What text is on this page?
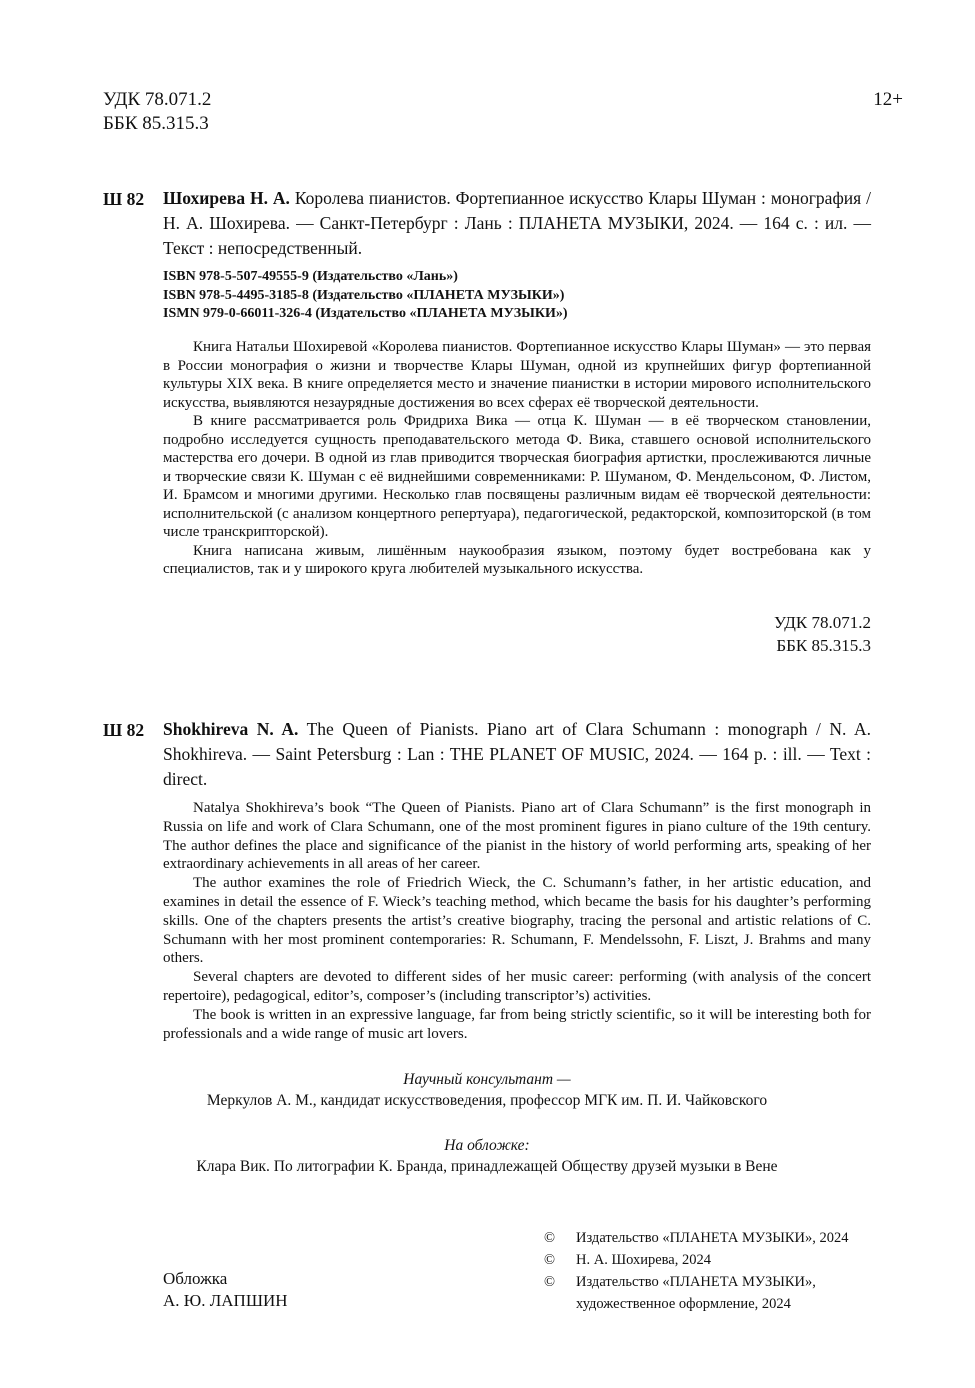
УДК 78.071.2
ББК 85.315.3
12+
Ш 82 Шохирева Н. А. Королева пианистов. Фортепианное искусство Клары Шуман : монография / Н. А. Шохирева. — Санкт-Петербург : Лань : ПЛАНЕТА МУЗЫКИ, 2024. — 164 с. : ил. — Текст : непосредственный.
ISBN 978-5-507-49555-9 (Издательство «Лань»)
ISBN 978-5-4495-3185-8 (Издательство «ПЛАНЕТА МУЗЫКИ»)
ISMN 979-0-66011-326-4 (Издательство «ПЛАНЕТА МУЗЫКИ»)

Книга Натальи Шохиревой «Королева пианистов. Фортепианное искусство Клары Шуман» — это первая в России монография о жизни и творчестве Клары Шуман, одной из крупнейших фигур фортепианной культуры XIX века. В книге определяется место и значение пианистки в истории мирового исполнительского искусства, выявляются незаурядные достижения во всех сферах её творческой деятельности.

В книге рассматривается роль Фридриха Вика — отца К. Шуман — в её творческом становлении, подробно исследуется сущность преподавательского метода Ф. Вика, ставшего основой исполнительского мастерства его дочери. В одной из глав приводится творческая биография артистки, прослеживаются личные и творческие связи К. Шуман с её виднейшими современниками: Р. Шуманом, Ф. Мендельсоном, Ф. Листом, И. Брамсом и многими другими. Несколько глав посвящены различным видам её творческой деятельности: исполнительской (с анализом концертного репертуара), педагогической, редакторской, композиторской (в том числе транскрипторской).

Книга написана живым, лишённым наукообразия языком, поэтому будет востребована как у специалистов, так и у широкого круга любителей музыкального искусства.

УДК 78.071.2
ББК 85.315.3
Ш 82 Shokhireva N. A. The Queen of Pianists. Piano art of Clara Schumann : monograph / N. A. Shokhireva. — Saint Petersburg : Lan : THE PLANET OF MUSIC, 2024. — 164 p. : ill. — Text : direct.

Natalya Shokhireva’s book “The Queen of Pianists. Piano art of Clara Schumann” is the first monograph in Russia on life and work of Clara Schumann, one of the most prominent figures in piano culture of the 19th century. The author defines the place and significance of the pianist in the history of world performing arts, speaking of her extraordinary achievements in all areas of her career.

The author examines the role of Friedrich Wieck, the C. Schumann’s father, in her artistic education, and examines in detail the essence of F. Wieck’s teaching method, which became the basis for his daughter’s performing skills. One of the chapters presents the artist’s creative biography, tracing the personal and artistic relations of C. Schumann with her most prominent contemporaries: R. Schumann, F. Mendelssohn, F. Liszt, J. Brahms and many others.

Several chapters are devoted to different sides of her music career: performing (with analysis of the concert repertoire), pedagogical, editor’s, composer’s (including transcriptor’s) activities.

The book is written in an expressive language, far from being strictly scientific, so it will be interesting both for professionals and a wide range of music art lovers.

Научный консультант —
Меркулов А. М., кандидат искусствоведения, профессор МГК им. П. И. Чайковского
На обложке:
Клара Вик. По литографии К. Бранда, принадлежащей Обществу друзей музыки в Вене
©	Издательство «ПЛАНЕТА МУЗЫКИ», 2024
©	Н. А. Шохирева, 2024
©	Издательство «ПЛАНЕТА МУЗЫКИ»,
художественное оформление, 2024
Обложка
А. Ю. ЛАПШИН
